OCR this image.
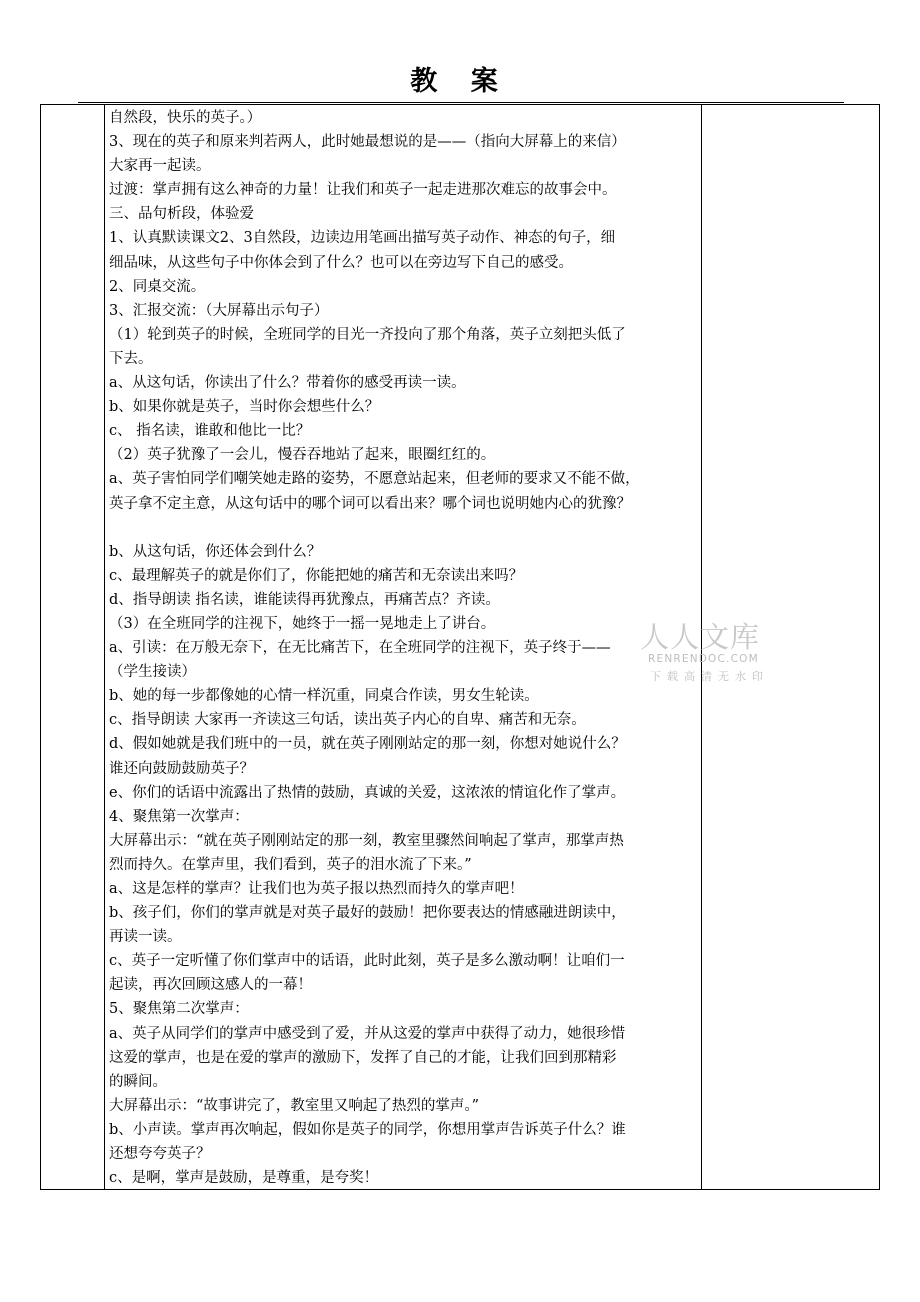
教 案
自然段，快乐的英子。）
3、现在的英子和原来判若两人，此时她最想说的是——（指向大屏幕上的来信）
大家再一起读。
过渡：掌声拥有这么神奇的力量！让我们和英子一起走进那次难忘的故事会中。
三、品句析段，体验爱
1、认真默读课文2、3自然段，边读边用笔画出描写英子动作、神态的句子，细
细品味，从这些句子中你体会到了什么？也可以在旁边写下自己的感受。
2、同桌交流。
3、汇报交流：（大屏幕出示句子）
（1）轮到英子的时候，全班同学的目光一齐投向了那个角落，英子立刻把头低了
下去。
a、从这句话，你读出了什么？带着你的感受再读一读。
b、如果你就是英子，当时你会想些什么？
c、 指名读，谁敢和他比一比？
（2）英子犹豫了一会儿，慢吞吞地站了起来，眼圈红红的。
a、英子害怕同学们嘲笑她走路的姿势，不愿意站起来，但老师的要求又不能不做，
英子拿不定主意，从这句话中的哪个词可以看出来？哪个词也说明她内心的犹豫？
b、从这句话，你还体会到什么？
c、最理解英子的就是你们了，你能把她的痛苦和无奈读出来吗？
d、指导朗读 指名读，谁能读得再犹豫点，再痛苦点？齐读。
（3）在全班同学的注视下，她终于一摇一晃地走上了讲台。
a、引读：在万般无奈下，在无比痛苦下，在全班同学的注视下，英子终于——
（学生接读）
b、她的每一步都像她的心情一样沉重，同桌合作读，男女生轮读。
c、指导朗读 大家再一齐读这三句话，读出英子内心的自卑、痛苦和无奈。
d、假如她就是我们班中的一员，就在英子刚刚站定的那一刻，你想对她说什么？
谁还向鼓励鼓励英子？
e、你们的话语中流露出了热情的鼓励，真诚的关爱，这浓浓的情谊化作了掌声。
4、聚焦第一次掌声：
大屏幕出示：“就在英子刚刚站定的那一刻，教室里骤然间响起了掌声，那掌声热
烈而持久。在掌声里，我们看到，英子的泪水流了下来。”
a、这是怎样的掌声？让我们也为英子报以热烈而持久的掌声吧！
b、孩子们，你们的掌声就是对英子最好的鼓励！把你要表达的情感融进朗读中，
再读一读。
c、英子一定听懂了你们掌声中的话语，此时此刻，英子是多么激动啊！让咱们一
起读，再次回顾这感人的一幕！
5、聚焦第二次掌声：
a、英子从同学们的掌声中感受到了爱，并从这爱的掌声中获得了动力，她很珍惜
这爱的掌声，也是在爱的掌声的激励下，发挥了自己的才能，让我们回到那精彩
的瞬间。
大屏幕出示：“故事讲完了，教室里又响起了热烈的掌声。”
b、小声读。掌声再次响起，假如你是英子的同学，你想用掌声告诉英子什么？谁
还想夸夸英子？
c、是啊，掌声是鼓励，是尊重，是夸奖！
人人文库
RENRENDOC.COM
下载高清无水印
